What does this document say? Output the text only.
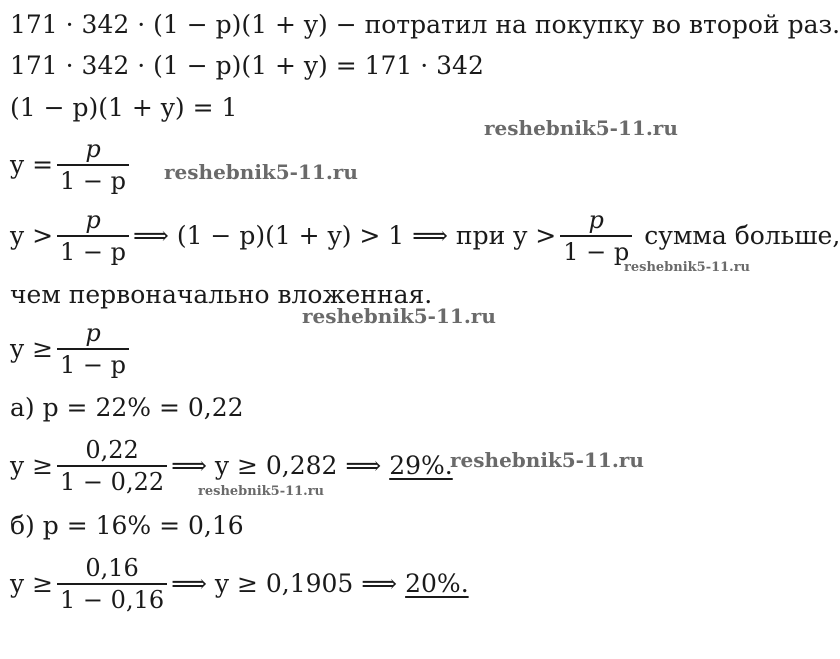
171 · 342 · (1 − p)(1 + y) − потратил на покупку во второй раз.
171 · 342 · (1 − p)(1 + y) = 171 · 342
(1 − p)(1 + y) = 1
$y = \frac{p}{1 - p}$
$y > \frac{p}{1 - p}$ ⟹ (1 − p)(1 + y) > 1 ⟹ при $y > \frac{p}{1 - p}$ сумма больше,
чем первоначально вложенная.
$y \ge \frac{p}{1 - p}$
а) p = 22% = 0,22
$y \ge \frac{0,22}{1 - 0,22}$ ⟹ y ≥ 0,282 ⟹ 29%.
б) p = 16% = 0,16
$y \ge \frac{0,16}{1 - 0,16}$ ⟹ y ≥ 0,1905 ⟹ 20%.
reshebnik5-11.ru
reshebnik5-11.ru
reshebnik5-11.ru
reshebnik5-11.ru
reshebnik5-11.ru
reshebnik5-11.ru
